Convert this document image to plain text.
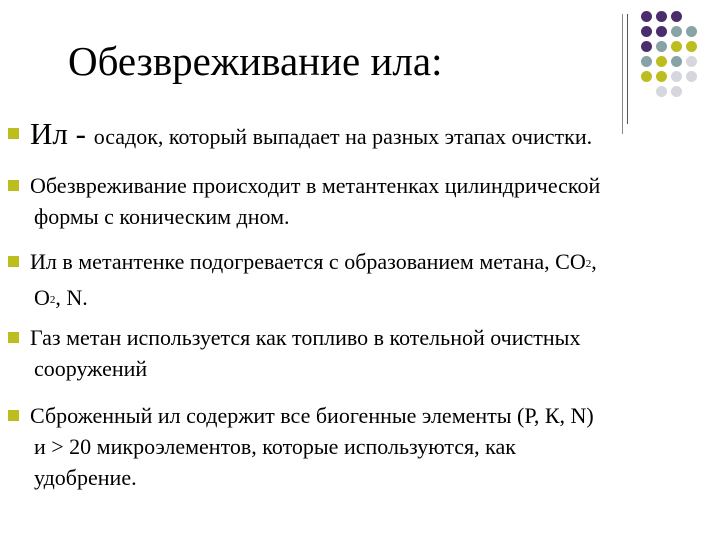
Обезвреживание ила:
Ил - осадок, который выпадает на разных этапах очистки.
Обезвреживание происходит в метантенках цилиндрической
формы с коническим дном.
Ил в метантенке подогревается с образованием метана, $СО_2$,
$О_2$, N.
Газ метан используется как топливо в котельной очистных
сооружений
Сброженный ил содержит все биогенные элементы (Р, К, N)
и > 20 микроэлементов, которые используются, как
удобрение.
